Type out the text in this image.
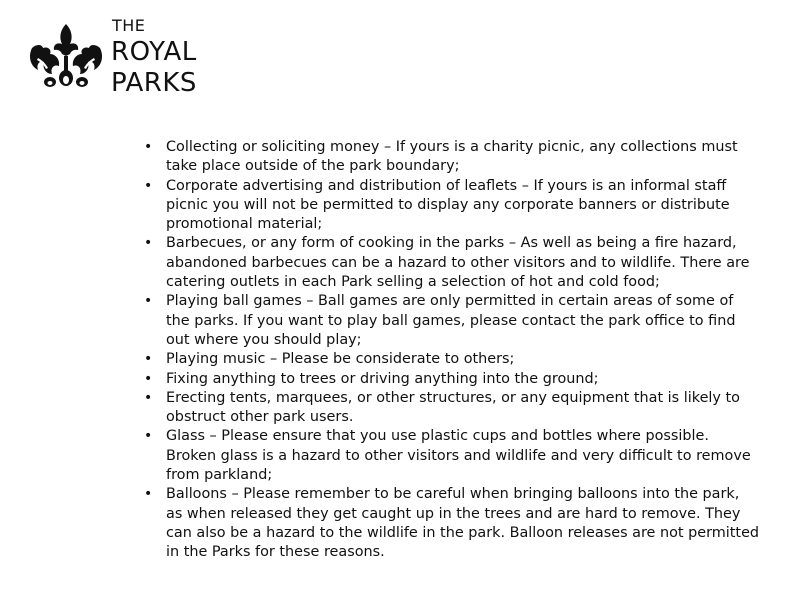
THE
ROYAL
PARKS
• Collecting or soliciting money – If yours is a charity picnic, any collections must take place outside of the park boundary;
• Corporate advertising and distribution of leaflets – If yours is an informal staff picnic you will not be permitted to display any corporate banners or distribute promotional material;
• Barbecues, or any form of cooking in the parks – As well as being a fire hazard, abandoned barbecues can be a hazard to other visitors and to wildlife. There are catering outlets in each Park selling a selection of hot and cold food;
• Playing ball games – Ball games are only permitted in certain areas of some of the parks. If you want to play ball games, please contact the park office to find out where you should play;
• Playing music – Please be considerate to others;
• Fixing anything to trees or driving anything into the ground;
• Erecting tents, marquees, or other structures, or any equipment that is likely to obstruct other park users.
• Glass – Please ensure that you use plastic cups and bottles where possible. Broken glass is a hazard to other visitors and wildlife and very difficult to remove from parkland;
• Balloons – Please remember to be careful when bringing balloons into the park, as when released they get caught up in the trees and are hard to remove. They can also be a hazard to the wildlife in the park. Balloon releases are not permitted in the Parks for these reasons.
